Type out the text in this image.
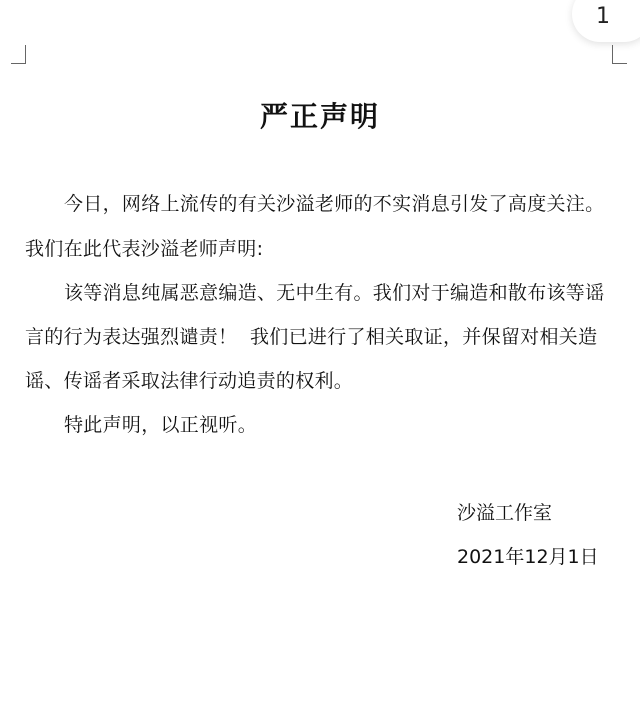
1
严正声明
今日，网络上流传的有关沙溢老师的不实消息引发了高度关注。
我们在此代表沙溢老师声明:
该等消息纯属恶意编造、无中生有。我们对于编造和散布该等谣
言的行为表达强烈谴责！  我们已进行了相关取证，并保留对相关造
谣、传谣者采取法律行动追责的权利。
特此声明，以正视听。
沙溢工作室
2021年12月1日
